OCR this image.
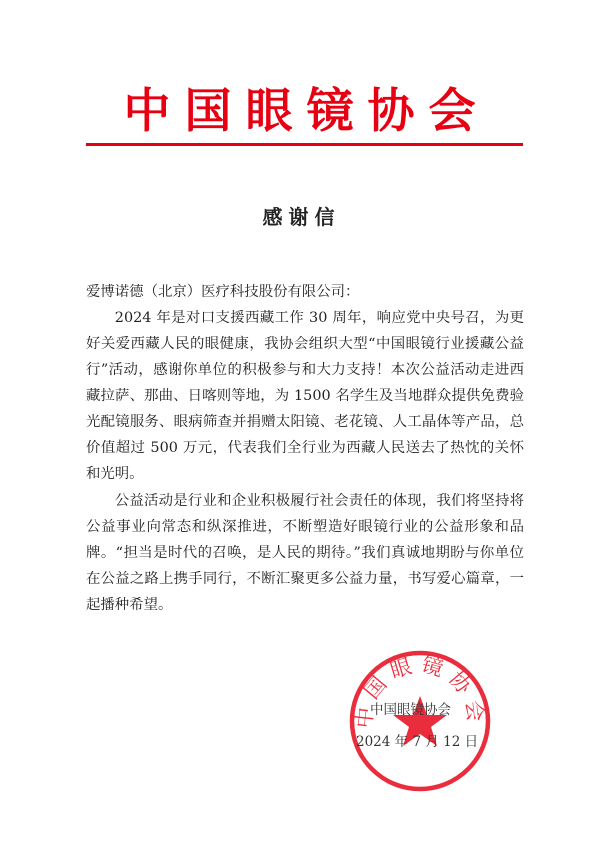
中国眼镜协会
感谢信

爱博诺德（北京）医疗科技股份有限公司：

2024 年是对口支援西藏工作 30 周年，响应党中央号召，为更好关爱西藏人民的眼健康，我协会组织大型“中国眼镜行业援藏公益行”活动，感谢你单位的积极参与和大力支持！本次公益活动走进西藏拉萨、那曲、日喀则等地，为 1500 名学生及当地群众提供免费验光配镜服务、眼病筛查并捐赠太阳镜、老花镜、人工晶体等产品，总价值超过 500 万元，代表我们全行业为西藏人民送去了热忱的关怀和光明。

公益活动是行业和企业积极履行社会责任的体现，我们将坚持将公益事业向常态和纵深推进，不断塑造好眼镜行业的公益形象和品牌。“担当是时代的召唤，是人民的期待。”我们真诚地期盼与你单位在公益之路上携手同行，不断汇聚更多公益力量，书写爱心篇章，一起播种希望。

中国眼镜协会
中国眼镜协会
2024 年 7 月 12 日
